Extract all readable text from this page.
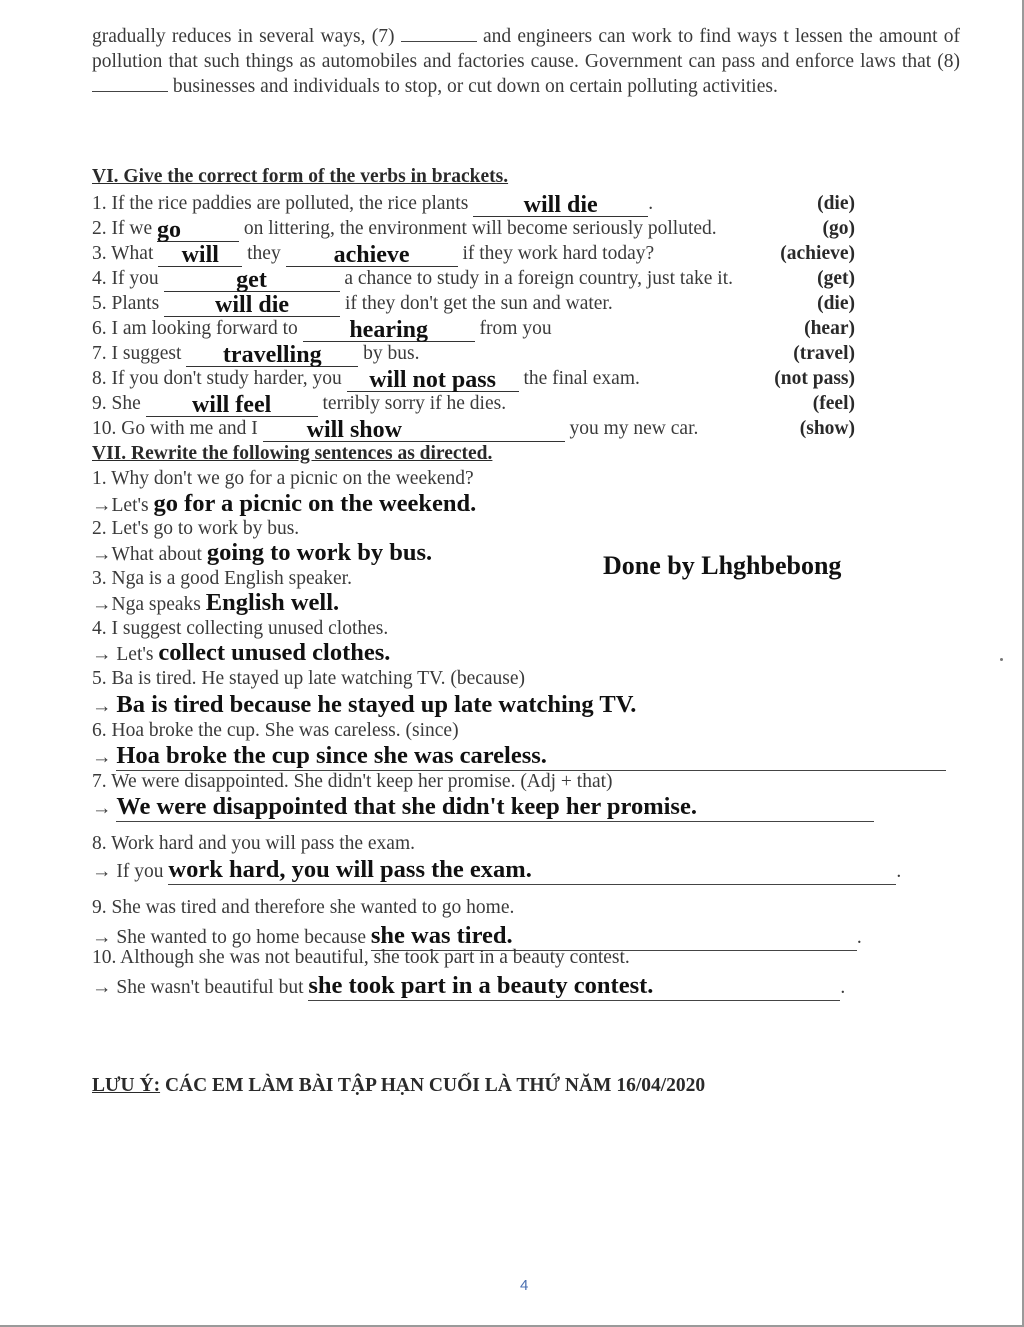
gradually reduces in several ways, (7)	and engineers can work to find ways t lessen the amount of pollution that such things as automobiles and factories cause. Government can pass and enforce laws that (8)  businesses and individuals to stop, or cut down on certain polluting activities.

VI. Give the correct form of the verbs in brackets.
1. If the rice paddies are polluted, the rice plants will die	.	(die)
2. If we go	on littering, the environment will become seriously polluted.	(go)
3. What will they achieve if they work hard today?	(achieve)
4. If you	get	a chance to study in a foreign country, just take it.	(get)
5. Plants will die	if they don't get the sun and water.	(die)
6. I am looking forward to hearing from you	(hear)
7. I suggest travelling by bus.	(travel)
8. If you don't study harder, you will not pass the final exam.	(not pass)
9. She will feel terribly sorry if he dies.	(feel)
10. Go with me and I will show	you my new car.	(show)
VII. Rewrite the following sentences as directed.
1. Why don't we go for a picnic on the weekend?
→Let's go for a picnic on the weekend.
2. Let's go to work by bus.
→What about going to work by bus.	Done by Lhghbebong
3. Nga is a good English speaker.
→Nga speaks English well.
4. I suggest collecting unused clothes.
→ Let's collect unused clothes.
5. Ba is tired. He stayed up late watching TV. (because)
→ Ba is tired because he stayed up late watching TV.
6. Hoa broke the cup. She was careless. (since)
→ Hoa broke the cup since she was careless.
7. We were disappointed. She didn't keep her promise. (Adj + that)
→ We were disappointed that she didn't keep her promise.
8. Work hard and you will pass the exam.
→ If you work hard, you will pass the exam.	.
9. She was tired and therefore she wanted to go home.
→ She wanted to go home because she was tired.	.
10. Although she was not beautiful, she took part in a beauty contest.
→ She wasn't beautiful but she took part in a beauty contest.	.
LƯU Ý: CÁC EM LÀM BÀI TẬP HẠN CUỐI LÀ THỨ NĂM 16/04/2020
4
